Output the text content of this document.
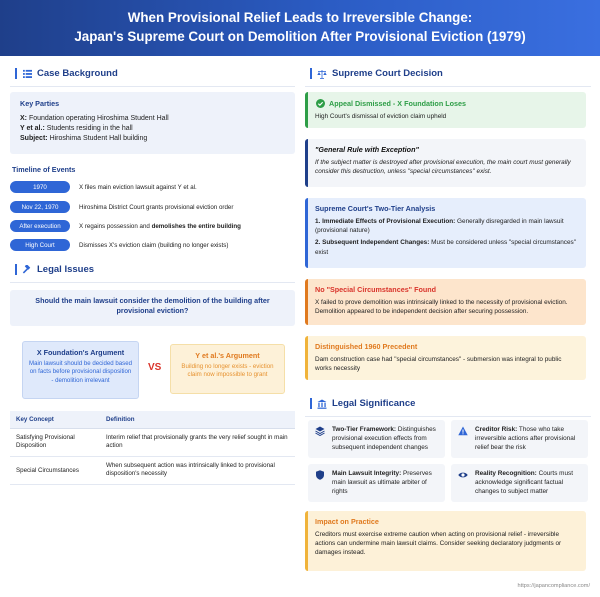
When Provisional Relief Leads to Irreversible Change:
Japan's Supreme Court on Demolition After Provisional Eviction (1979)
Case Background
Key Parties
X: Foundation operating Hiroshima Student Hall
Y et al.: Students residing in the hall
Subject: Hiroshima Student Hall building
Timeline of Events
1970	X files main eviction lawsuit against Y et al.
Nov 22, 1970	Hiroshima District Court grants provisional eviction order
After execution	X regains possession and demolishes the entire building
High Court	Dismisses X's eviction claim (building no longer exists)
Legal Issues
Should the main lawsuit consider the demolition of the building after provisional eviction?
X Foundation's Argument
Main lawsuit should be decided based on facts before provisional disposition - demolition irrelevant
VS
Y et al.'s Argument
Building no longer exists - eviction claim now impossible to grant
Key Concept	Definition
Satisfying Provisional Disposition	Interim relief that provisionally grants the very relief sought in main action
Special Circumstances	When subsequent action was intrinsically linked to provisional disposition's necessity
Supreme Court Decision
Appeal Dismissed - X Foundation Loses
High Court's dismissal of eviction claim upheld
"General Rule with Exception"
If the subject matter is destroyed after provisional execution, the main court must generally consider this destruction, unless "special circumstances" exist.
Supreme Court's Two-Tier Analysis
1. Immediate Effects of Provisional Execution: Generally disregarded in main lawsuit (provisional nature)
2. Subsequent Independent Changes: Must be considered unless "special circumstances" exist
No "Special Circumstances" Found
X failed to prove demolition was intrinsically linked to the necessity of provisional eviction. Demolition appeared to be independent decision after securing possession.
Distinguished 1960 Precedent
Dam construction case had "special circumstances" - submersion was integral to public works necessity
Legal Significance
Two-Tier Framework: Distinguishes provisional execution effects from subsequent independent changes
Creditor Risk: Those who take irreversible actions after provisional relief bear the risk
Main Lawsuit Integrity: Preserves main lawsuit as ultimate arbiter of rights
Reality Recognition: Courts must acknowledge significant factual changes to subject matter
Impact on Practice
Creditors must exercise extreme caution when acting on provisional relief - irreversible actions can undermine main lawsuit claims. Consider seeking declaratory judgments or damages instead.
https://japancompliance.com/
